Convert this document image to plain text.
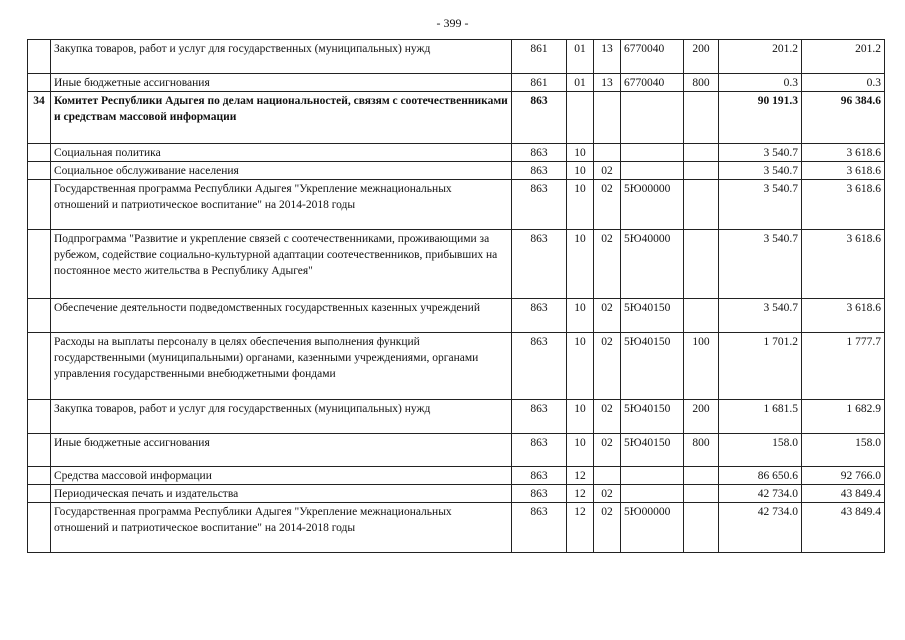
- 399 -
	Закупка товаров, работ и услуг для государственных (муниципальных) нужд	861	01	13	6770040	200	201.2	201.2
	Иные бюджетные ассигнования	861	01	13	6770040	800	0.3	0.3
34	Комитет Республики Адыгея по делам национальностей, связям с соотечественниками и средствам массовой информации	863					90 191.3	96 384.6
	Социальная политика	863	10				3 540.7	3 618.6
	Социальное обслуживание населения	863	10	02			3 540.7	3 618.6
	Государственная программа Республики Адыгея "Укрепление межнациональных отношений и патриотическое воспитание" на 2014-2018 годы	863	10	02	5Ю00000		3 540.7	3 618.6
	Подпрограмма "Развитие и укрепление связей с соотечественниками, проживающими за рубежом, содействие социально-культурной адаптации соотечественников, прибывших на постоянное место жительства в Республику Адыгея"	863	10	02	5Ю40000		3 540.7	3 618.6
	Обеспечение деятельности подведомственных государственных казенных учреждений	863	10	02	5Ю40150		3 540.7	3 618.6
	Расходы на выплаты персоналу в целях обеспечения выполнения функций государственными (муниципальными) органами, казенными учреждениями, органами управления государственными внебюджетными фондами	863	10	02	5Ю40150	100	1 701.2	1 777.7
	Закупка товаров, работ и услуг для государственных (муниципальных) нужд	863	10	02	5Ю40150	200	1 681.5	1 682.9
	Иные бюджетные ассигнования	863	10	02	5Ю40150	800	158.0	158.0
	Средства массовой информации	863	12				86 650.6	92 766.0
	Периодическая печать и издательства	863	12	02			42 734.0	43 849.4
	Государственная программа Республики Адыгея "Укрепление межнациональных отношений и патриотическое воспитание" на 2014-2018 годы	863	12	02	5Ю00000		42 734.0	43 849.4
